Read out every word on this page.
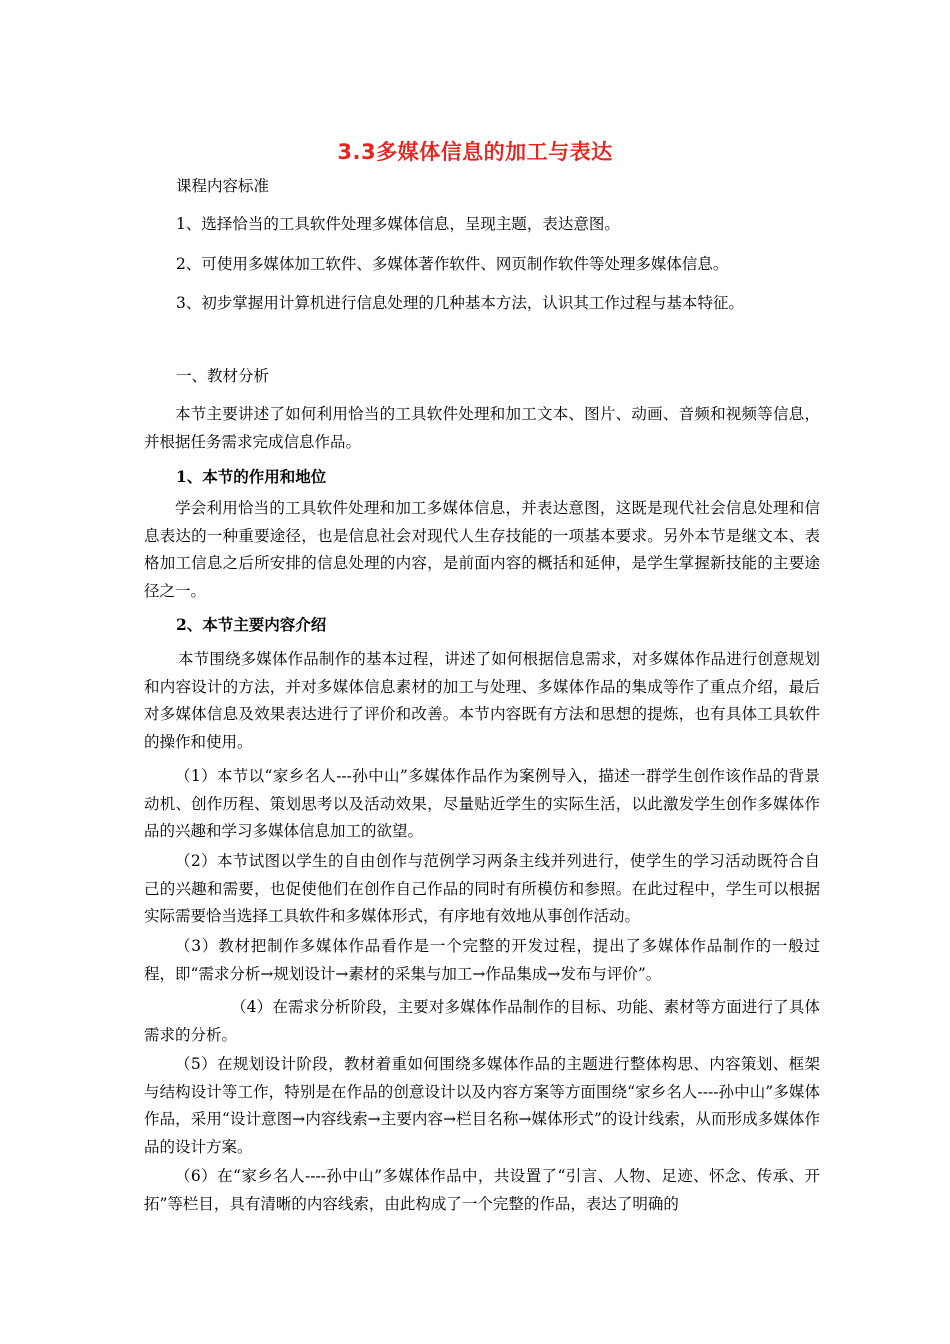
3.3多媒体信息的加工与表达
课程内容标准
1、选择恰当的工具软件处理多媒体信息，呈现主题，表达意图。
2、可使用多媒体加工软件、多媒体著作软件、网页制作软件等处理多媒体信息。
3、初步掌握用计算机进行信息处理的几种基本方法，认识其工作过程与基本特征。
一、教材分析
本节主要讲述了如何利用恰当的工具软件处理和加工文本、图片、动画、音频和视频等信息，并根据任务需求完成信息作品。
1、本节的作用和地位
学会利用恰当的工具软件处理和加工多媒体信息，并表达意图，这既是现代社会信息处理和信息表达的一种重要途径，也是信息社会对现代人生存技能的一项基本要求。另外本节是继文本、表格加工信息之后所安排的信息处理的内容，是前面内容的概括和延伸，是学生掌握新技能的主要途径之一。
2、本节主要内容介绍
本节围绕多媒体作品制作的基本过程，讲述了如何根据信息需求，对多媒体作品进行创意规划和内容设计的方法，并对多媒体信息素材的加工与处理、多媒体作品的集成等作了重点介绍，最后对多媒体信息及效果表达进行了评价和改善。本节内容既有方法和思想的提炼，也有具体工具软件的操作和使用。
（1）本节以“家乡名人---孙中山”多媒体作品作为案例导入，描述一群学生创作该作品的背景动机、创作历程、策划思考以及活动效果，尽量贴近学生的实际生活，以此激发学生创作多媒体作品的兴趣和学习多媒体信息加工的欲望。
（2）本节试图以学生的自由创作与范例学习两条主线并列进行，使学生的学习活动既符合自己的兴趣和需要，也促使他们在创作自己作品的同时有所模仿和参照。在此过程中，学生可以根据实际需要恰当选择工具软件和多媒体形式，有序地有效地从事创作活动。
（3）教材把制作多媒体作品看作是一个完整的开发过程，提出了多媒体作品制作的一般过程，即“需求分析→规划设计→素材的采集与加工→作品集成→发布与评价”。
（4）在需求分析阶段，主要对多媒体作品制作的目标、功能、素材等方面进行了具体需求的分析。
（5）在规划设计阶段，教材着重如何围绕多媒体作品的主题进行整体构思、内容策划、框架与结构设计等工作，特别是在作品的创意设计以及内容方案等方面围绕“家乡名人----孙中山”多媒体作品，采用“设计意图→内容线索→主要内容→栏目名称→媒体形式”的设计线索，从而形成多媒体作品的设计方案。
（6）在“家乡名人----孙中山”多媒体作品中，共设置了“引言、人物、足迹、怀念、传承、开拓”等栏目，具有清晰的内容线索，由此构成了一个完整的作品，表达了明确的
